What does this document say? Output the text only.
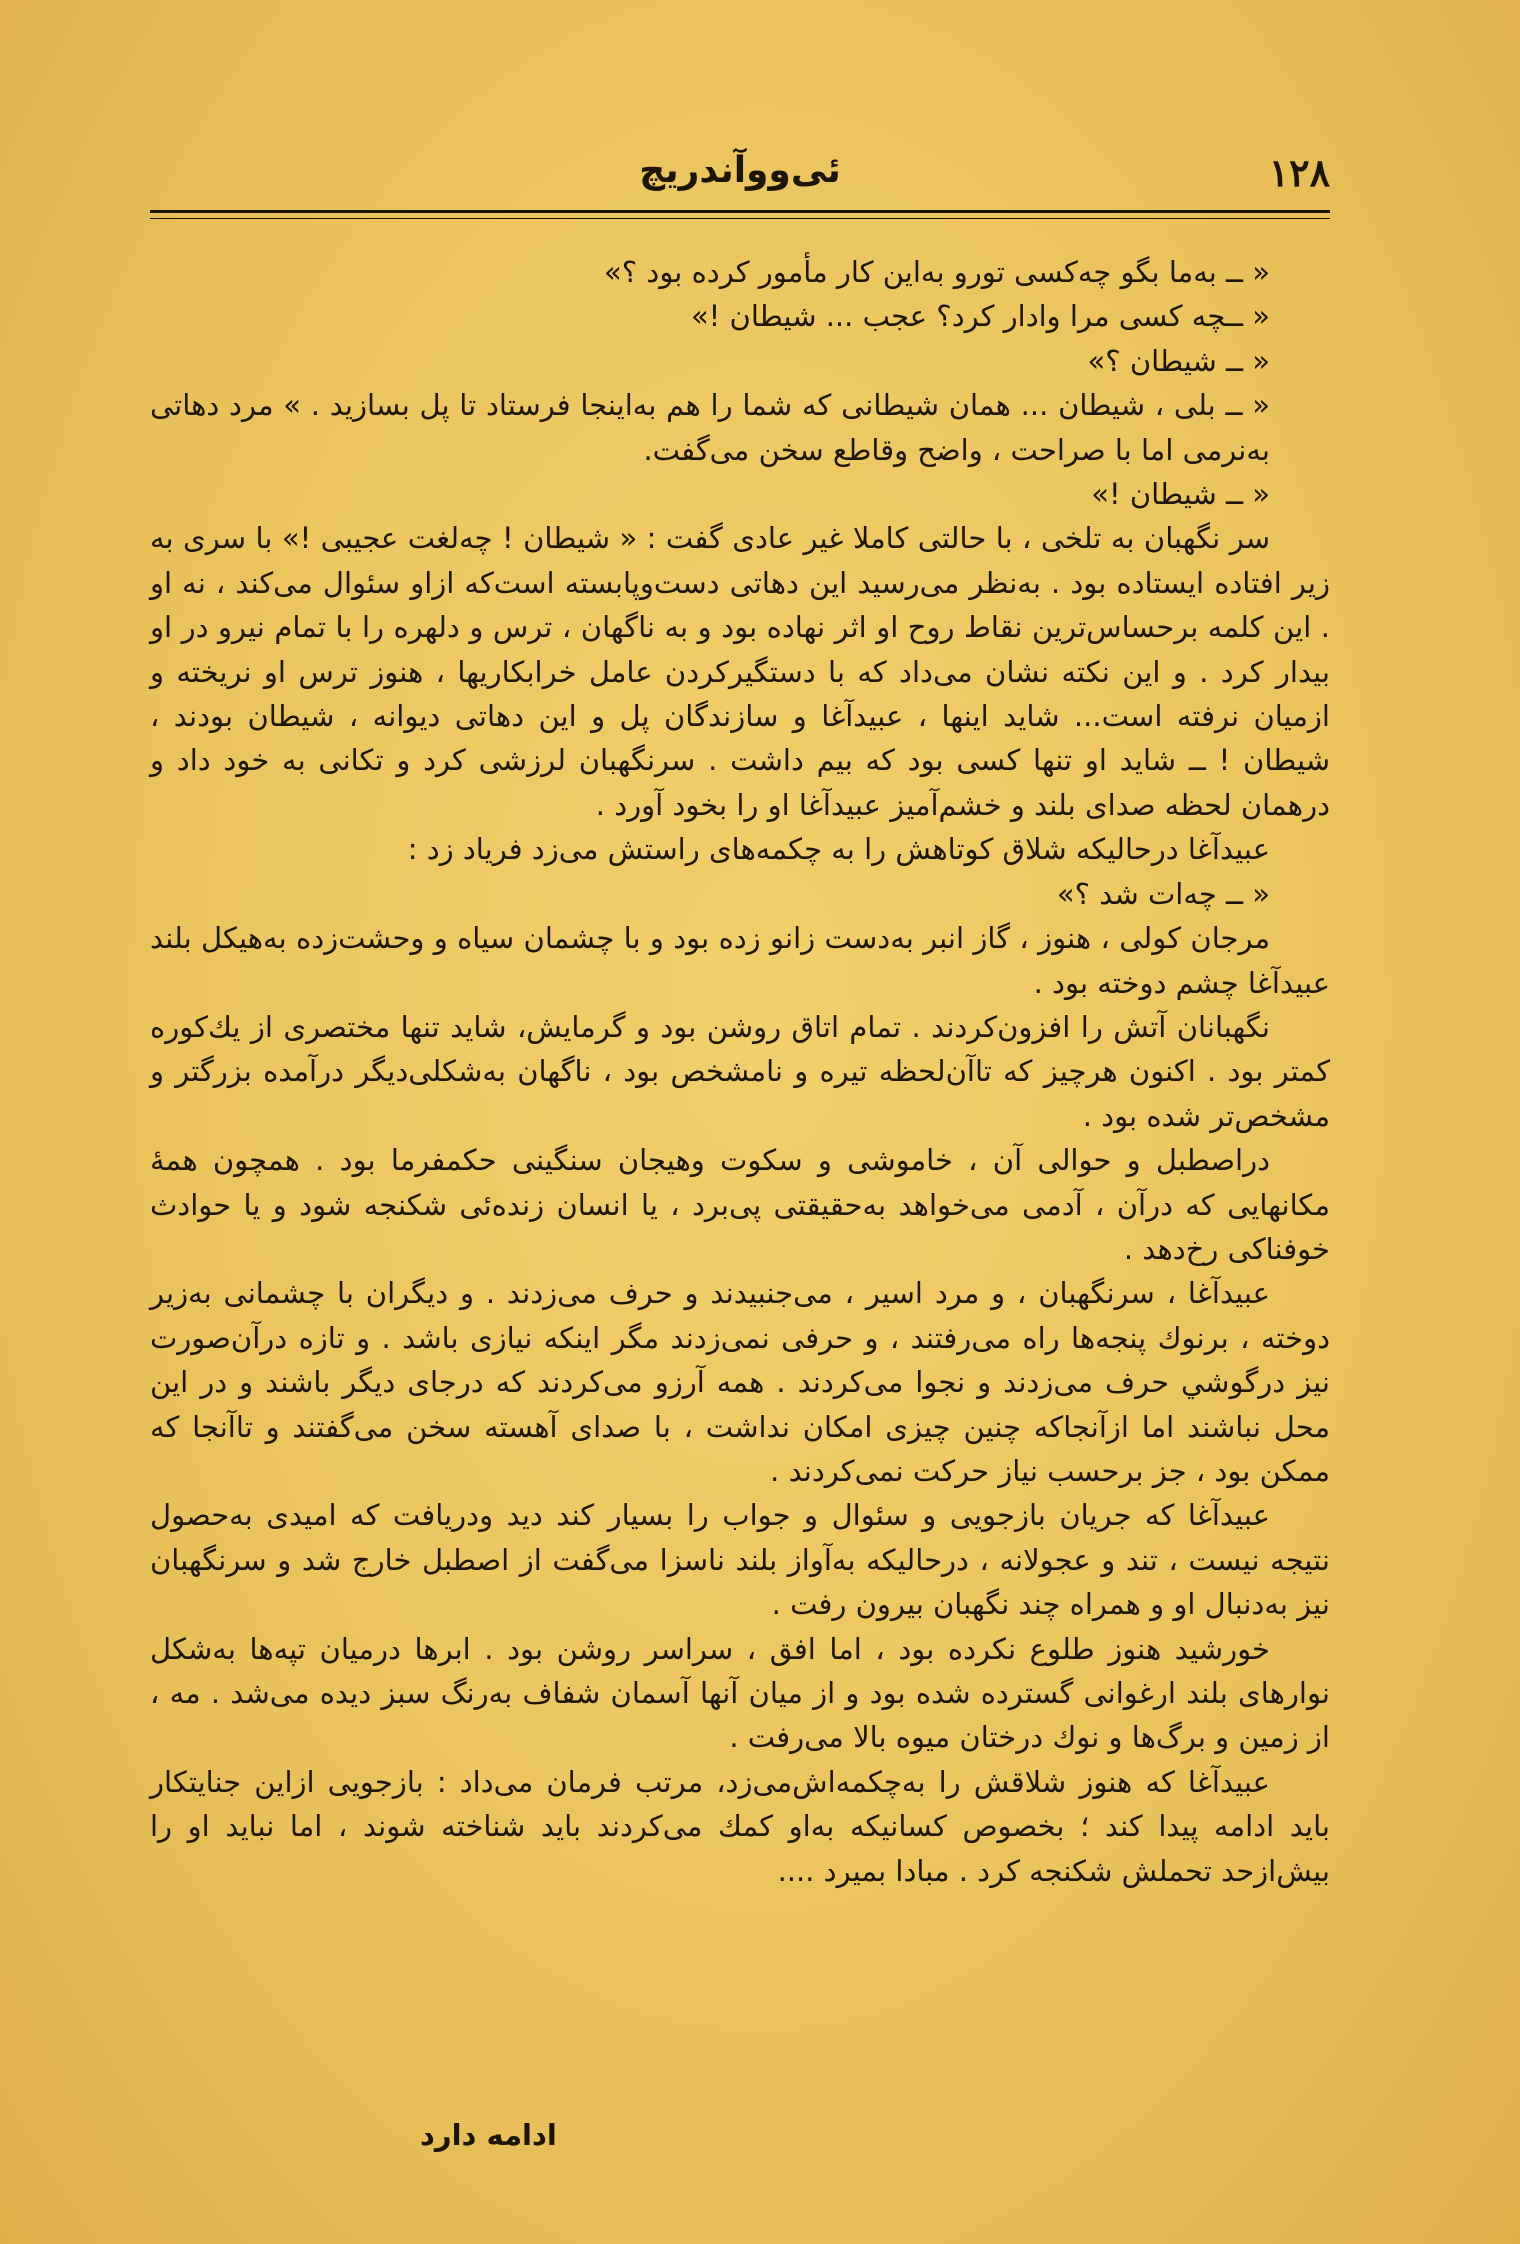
۱۲۸
ئی‌وو‌آندریچ

« ــ به‌ما بگو چه‌کسی تورو به‌این کار مأمور کرده بود ؟»

« ــچه کسی مرا وادار کرد؟ عجب ... شیطان !»

« ــ شیطان ؟»

« ــ بلی ، شیطان ... همان شیطانی که شما را هم به‌اینجا فرستاد تا پل بسازید . » مرد دهاتی به‌نرمی اما با صراحت ، واضح وقاطع سخن می‌گفت.

« ــ شیطان !»

سر نگهبان به تلخی ، با حالتی کاملا غیر عادی گفت : « شیطان ! چه‌لغت عجیبی !» با سری به زیر افتاده ایستاده بود . به‌نظر می‌رسید این دهاتی دست‌وپابسته است‌که ازاو سئوال می‌کند ، نه او . این کلمه برحساس‌ترین نقاط روح او اثر نهاده بود و به ناگهان ، ترس و دلهره را با تمام نیرو در او بیدار کرد . و این نکته نشان می‌داد که با دستگیرکردن عامل خرابکاریها ، هنوز ترس او نریخته و ازمیان نرفته است... شاید اینها ، عبیدآغا و سازندگان پل و این دهاتی دیوانه ، شیطان بودند ، شیطان ! ــ شاید او تنها کسی بود که بیم داشت . سرنگهبان لرزشی کرد و تکانی به خود داد و درهمان لحظه صدای بلند و خشم‌آمیز عبیدآغا او را بخود آورد .

عبیدآغا درحالیکه شلاق کوتاهش را به چکمه‌های راستش می‌زد فریاد زد :

« ــ چه‌ات شد ؟»

مرجان کولی ، هنوز ، گاز انبر به‌دست زانو زده بود و با چشمان سیاه و وحشت‌زده به‌هیکل بلند عبیدآغا چشم دوخته بود .

نگهبانان آتش را افزون‌کردند . تمام اتاق روشن بود و گرمایش، شاید تنها مختصری از یك‌کوره کمتر بود . اکنون هرچیز که تاآن‌لحظه تیره و نامشخص بود ، ناگهان به‌شکلی‌دیگر درآمده بزرگتر و مشخص‌تر شده بود .

دراصطبل و حوالی آن ، خاموشی و سکوت وهیجان سنگینی حکمفرما بود . همچون همهٔ مکانهایی که درآن ، آدمی می‌خواهد به‌حقیقتی پی‌برد ، یا انسان زنده‌ئی شکنجه شود و یا حوادث خوفناکی رخ‌دهد .

عبیدآغا ، سرنگهبان ، و مرد اسیر ، می‌جنبیدند و حرف می‌زدند . و دیگران با چشمانی به‌زیر دوخته ، برنوك پنجه‌ها راه می‌رفتند ، و حرفی نمی‌زدند مگر اینکه نیازی باشد . و تازه درآن‌صورت نیز درگوشي حرف می‌زدند و نجوا می‌کردند . همه آرزو می‌کردند که درجای دیگر باشند و در این محل نباشند اما ازآنجاکه چنین چیزی امکان نداشت ، با صدای آهسته سخن می‌گفتند و تاآنجا که ممکن بود ، جز برحسب نیاز حرکت نمی‌کردند .

عبیدآغا که جریان بازجویی و سئوال و جواب را بسیار کند دید ودریافت که امیدی به‌حصول نتیجه نیست ، تند و عجولانه ، درحالیکه به‌آواز بلند ناسزا می‌گفت از اصطبل خارج شد و سرنگهبان نیز به‌دنبال او و همراه چند نگهبان بیرون رفت .

خورشید هنوز طلوع نکرده بود ، اما افق ، سراسر روشن بود . ابرها درمیان تپه‌ها به‌شکل نوارهای بلند ارغوانی گسترده شده بود و از میان آنها آسمان شفاف به‌رنگ سبز دیده می‌شد . مه ، از زمین و برگ‌ها و نوك درختان میوه بالا می‌رفت .

عبیدآغا که هنوز شلاقش را به‌چکمه‌اش‌می‌زد، مرتب فرمان می‌داد : بازجویی ازاین جنایتکار باید ادامه پیدا کند ؛ بخصوص کسانیکه به‌او کمك می‌کردند باید شناخته شوند ، اما نباید او را بیش‌ازحد تحملش شکنجه کرد . مبادا بمیرد ....

ادامه دارد
